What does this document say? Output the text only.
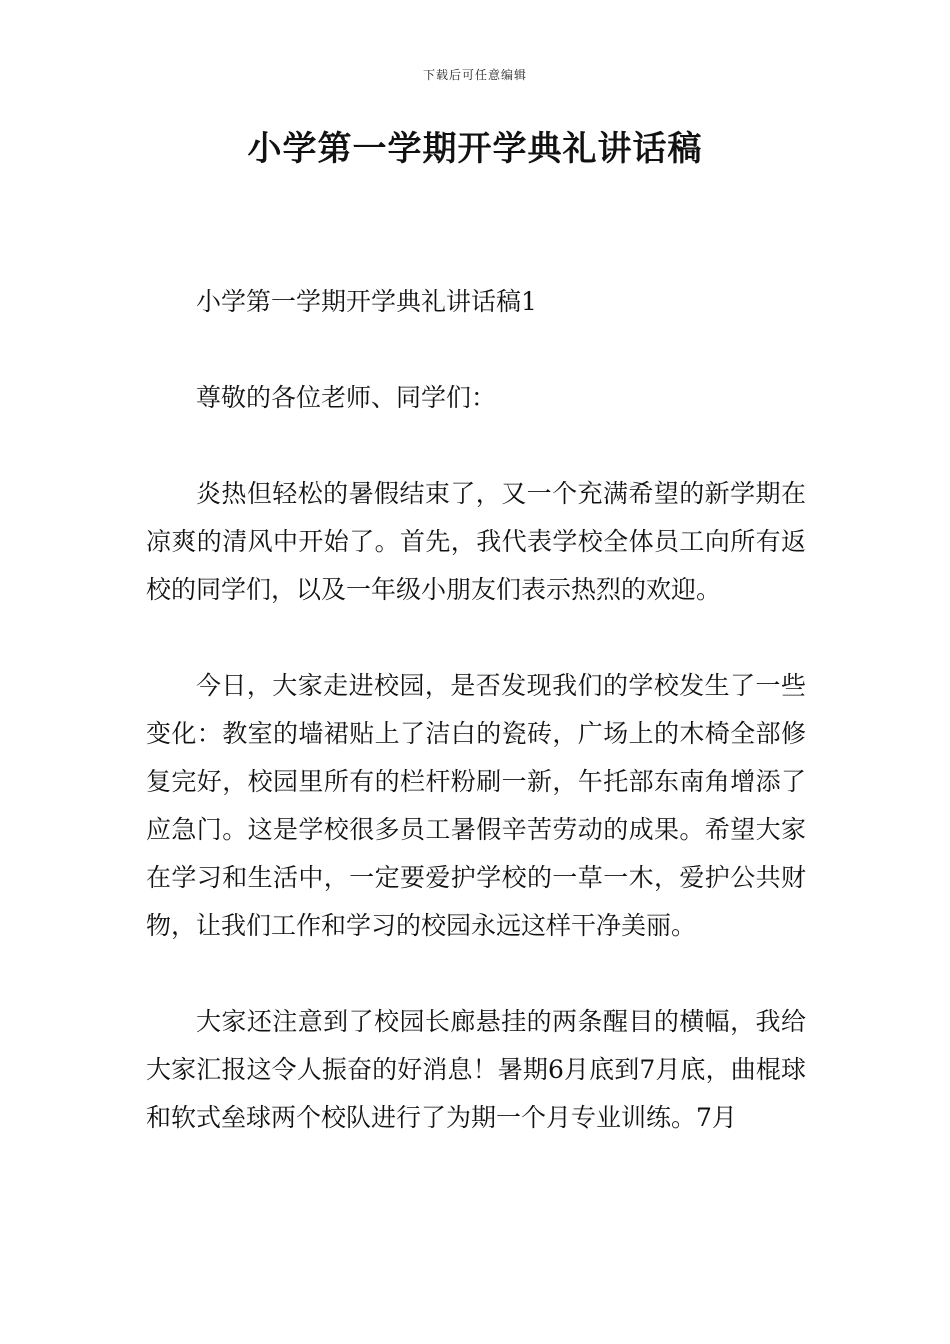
下载后可任意编辑
小学第一学期开学典礼讲话稿

小学第一学期开学典礼讲话稿1

尊敬的各位老师、同学们：

炎热但轻松的暑假结束了，又一个充满希望的新学期在凉爽的清风中开始了。首先，我代表学校全体员工向所有返校的同学们，以及一年级小朋友们表示热烈的欢迎。

今日，大家走进校园，是否发现我们的学校发生了一些变化：教室的墙裙贴上了洁白的瓷砖，广场上的木椅全部修复完好，校园里所有的栏杆粉刷一新，午托部东南角增添了应急门。这是学校很多员工暑假辛苦劳动的成果。希望大家在学习和生活中，一定要爱护学校的一草一木，爱护公共财物，让我们工作和学习的校园永远这样干净美丽。

大家还注意到了校园长廊悬挂的两条醒目的横幅，我给大家汇报这令人振奋的好消息！暑期6月底到7月底，曲棍球和软式垒球两个校队进行了为期一个月专业训练。7月
